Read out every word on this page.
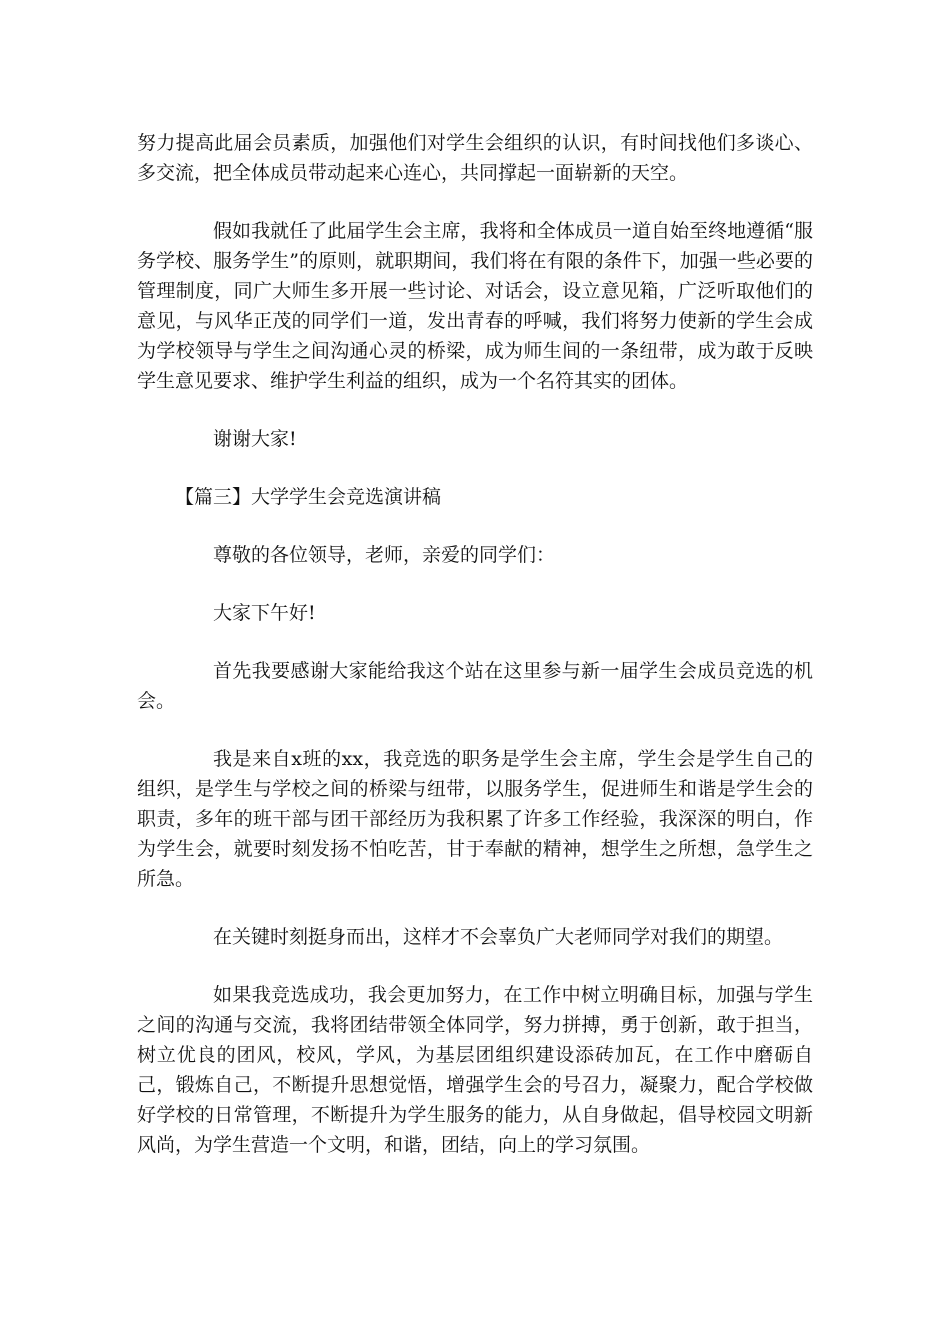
努力提高此届会员素质，加强他们对学生会组织的认识，有时间找他们多谈心、多交流，把全体成员带动起来心连心，共同撑起一面崭新的天空。

假如我就任了此届学生会主席，我将和全体成员一道自始至终地遵循“服务学校、服务学生”的原则，就职期间，我们将在有限的条件下，加强一些必要的管理制度，同广大师生多开展一些讨论、对话会，设立意见箱，广泛听取他们的意见，与风华正茂的同学们一道，发出青春的呼喊，我们将努力使新的学生会成为学校领导与学生之间沟通心灵的桥梁，成为师生间的一条纽带，成为敢于反映学生意见要求、维护学生利益的组织，成为一个名符其实的团体。

谢谢大家!

【篇三】大学学生会竞选演讲稿

尊敬的各位领导，老师，亲爱的同学们：

大家下午好!

首先我要感谢大家能给我这个站在这里参与新一届学生会成员竞选的机会。

我是来自x班的xx，我竞选的职务是学生会主席，学生会是学生自己的组织，是学生与学校之间的桥梁与纽带，以服务学生，促进师生和谐是学生会的职责，多年的班干部与团干部经历为我积累了许多工作经验，我深深的明白，作为学生会，就要时刻发扬不怕吃苦，甘于奉献的精神，想学生之所想，急学生之所急。

在关键时刻挺身而出，这样才不会辜负广大老师同学对我们的期望。

如果我竞选成功，我会更加努力，在工作中树立明确目标，加强与学生之间的沟通与交流，我将团结带领全体同学，努力拼搏，勇于创新，敢于担当，树立优良的团风，校风，学风，为基层团组织建设添砖加瓦，在工作中磨砺自己，锻炼自己，不断提升思想觉悟，增强学生会的号召力，凝聚力，配合学校做好学校的日常管理，不断提升为学生服务的能力，从自身做起，倡导校园文明新风尚，为学生营造一个文明，和谐，团结，向上的学习氛围。
